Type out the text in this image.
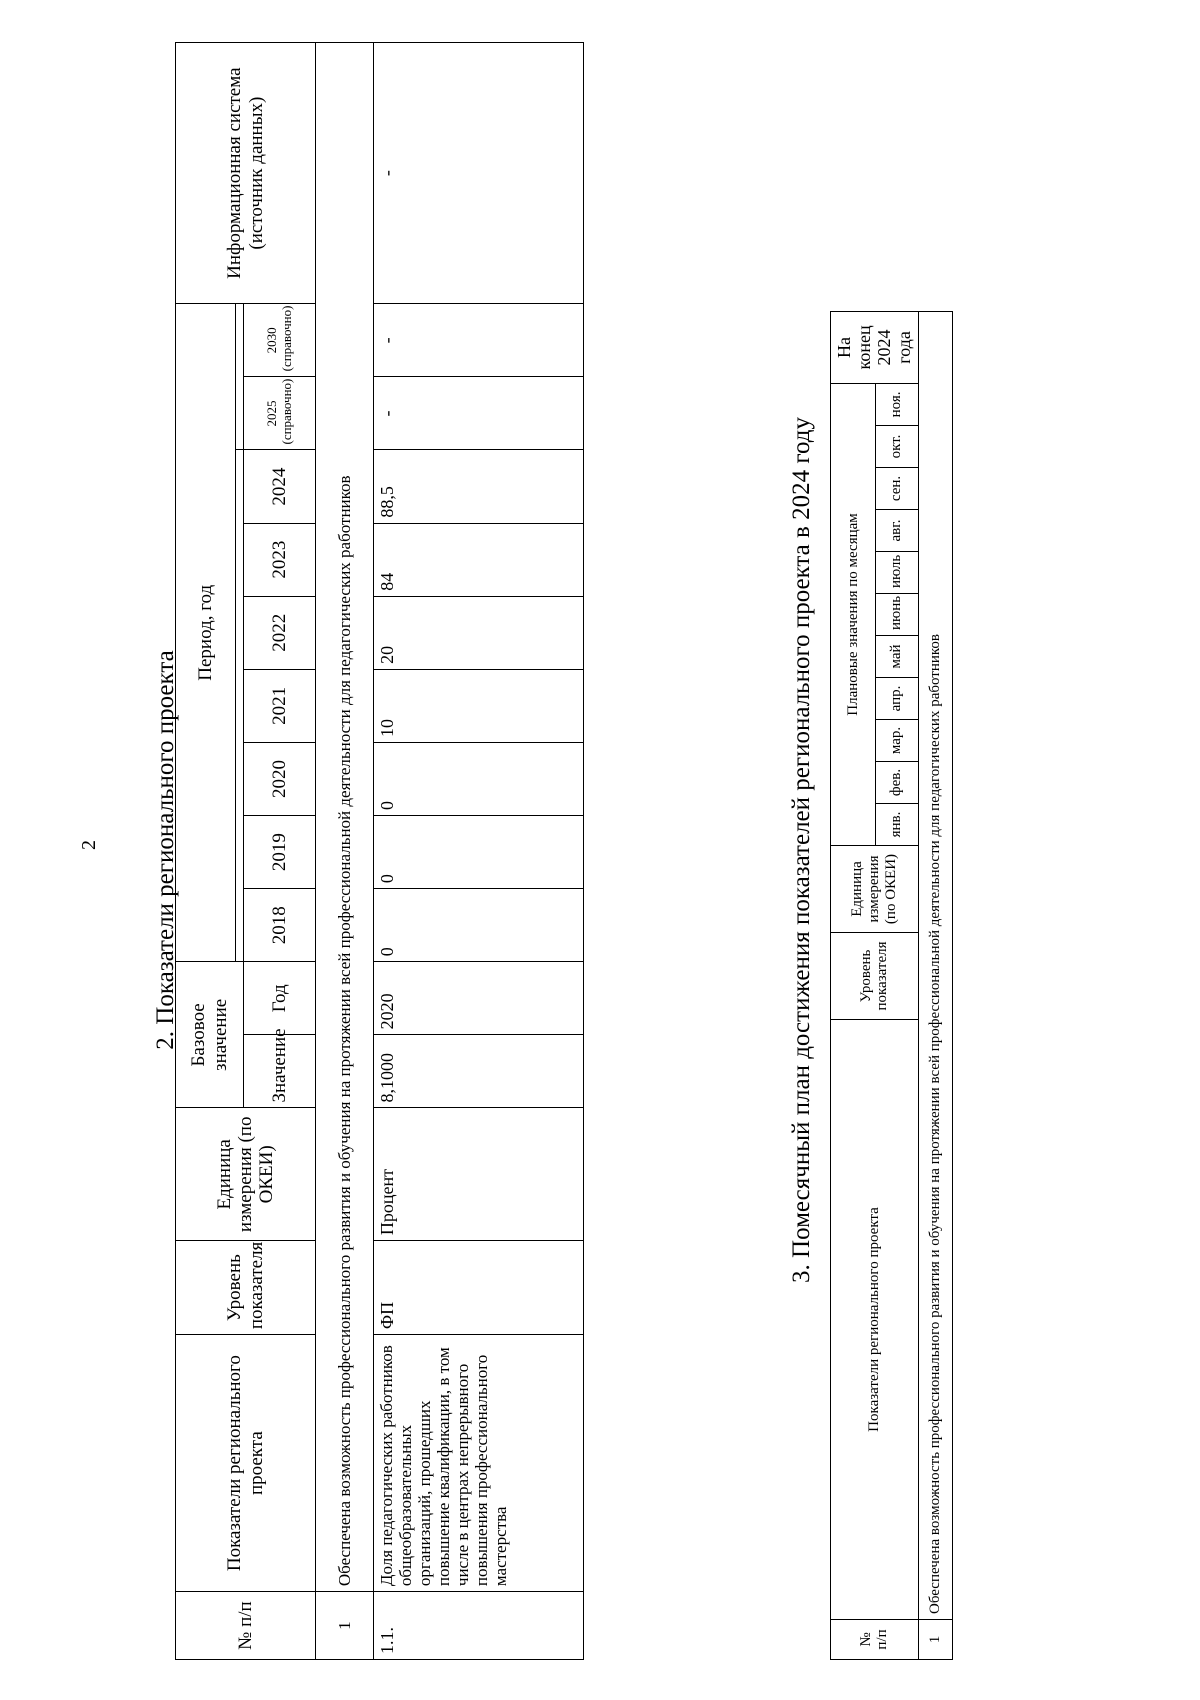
2 2. Показатели регионального проекта
№ п/п	Показатели регионального проекта	Уровень показателя	Единица измерения (по ОКЕИ)	Базовое значение		Период, год									Информационная система (источник данных)

				Значение	Год	2018	2019	2020	2021	2022	2023	2024	2025 (справочно)	2030 (справочно)	
1	Обеспечена возможность профессионального развития и обучения на протяжении всей профессиональной деятельности для педагогических работников														
1.1.	Доля педагогических работников общеобразовательных организаций, прошедших повышение квалификации, в том числе в центрах непрерывного повышения профессионального мастерства	ФП	Процент	8,1000	2020	0	0	0	10	20	84	88,5	-	-	-
3. Помесячный план достижения показателей регионального проекта в 2024 году
№ п/п	Показатели регионального проекта	Уровень показателя	Единица измерения (по ОКЕИ)	Плановые значения по месяцам											На конец 2024 года	
				янв.	фев.	мар.	апр.	май	июнь	июль	авг.	сен.	окт.	ноя.		
1	Обеспечена возможность профессионального развития и обучения на протяжении всей профессиональной деятельности для педагогических работников															
